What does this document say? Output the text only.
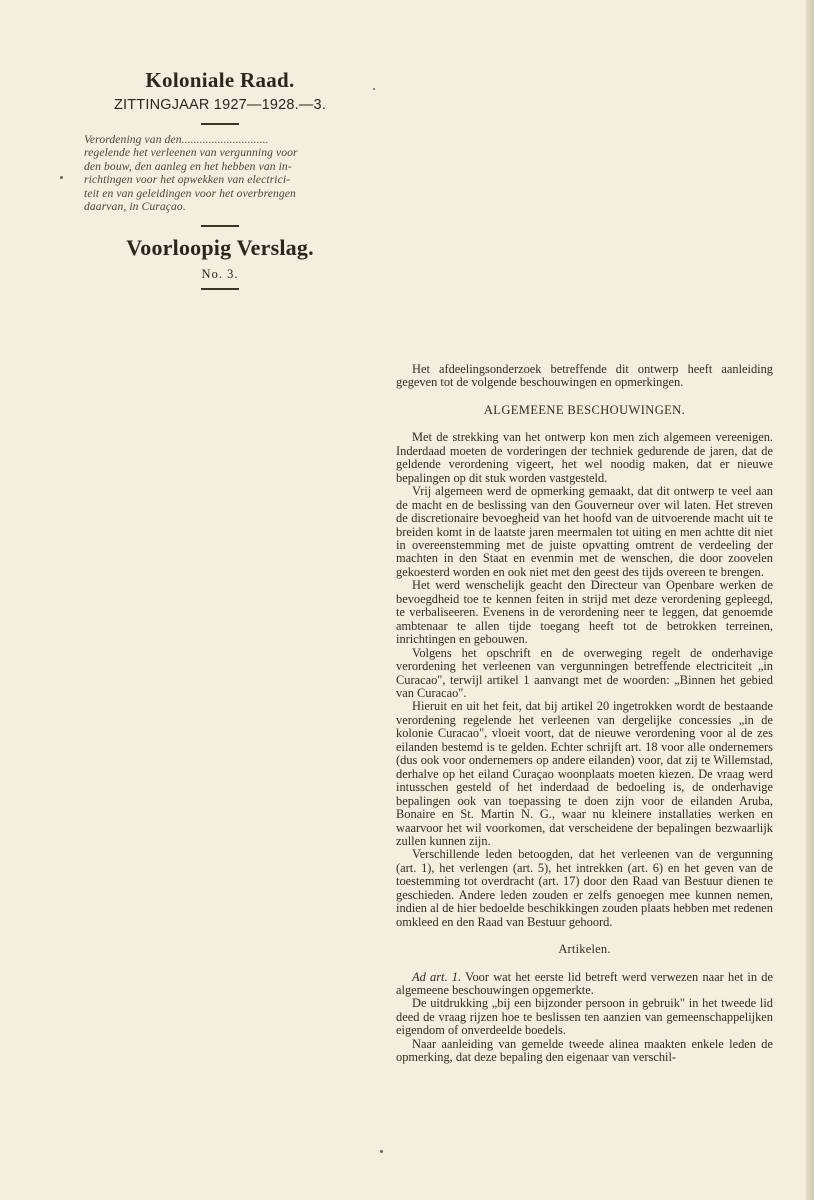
Koloniale Raad.
ZITTINGJAAR 1927—1928.—3.
Verordening van den.............................
regelende het verleenen van vergunning voor
den bouw, den aanleg en het hebben van in-
richtingen voor het opwekken van electrici-
teit en van geleidingen voor het overbrengen
daarvan, in Curaçao.
Voorloopig Verslag.
No. 3.

Het afdeelingsonderzoek betreffende dit ontwerp heeft aanleiding gegeven tot de volgende beschouwingen en opmerkingen.

ALGEMEENE BESCHOUWINGEN.

Met de strekking van het ontwerp kon men zich algemeen vereenigen. Inderdaad moeten de vorderingen der techniek gedurende de jaren, dat de geldende verordening vigeert, het wel noodig maken, dat er nieuwe bepalingen op dit stuk worden vastgesteld.

Vrij algemeen werd de opmerking gemaakt, dat dit ontwerp te veel aan de macht en de beslissing van den Gouverneur over wil laten. Het streven de discretionaire bevoegheid van het hoofd van de uitvoerende macht uit te breiden komt in de laatste jaren meermalen tot uiting en men achtte dit niet in overeenstemming met de juiste opvatting omtrent de verdeeling der machten in den Staat en evenmin met de wenschen, die door zoovelen gekoesterd worden en ook niet met den geest des tijds overeen te brengen.

Het werd wenschelijk geacht den Directeur van Openbare werken de bevoegdheid toe te kennen feiten in strijd met deze verordening gepleegd, te verbaliseeren. Evenens in de verordening neer te leggen, dat genoemde ambtenaar te allen tijde toegang heeft tot de betrokken terreinen, inrichtingen en gebouwen.

Volgens het opschrift en de overweging regelt de onderhavige verordening het verleenen van vergunningen betreffende electriciteit „in Curacao", terwijl artikel 1 aanvangt met de woorden: „Binnen het gebied van Curacao".

Hieruit en uit het feit, dat bij artikel 20 ingetrokken wordt de bestaande verordening regelende het verleenen van dergelijke concessies „in de kolonie Curacao", vloeit voort, dat de nieuwe verordening voor al de zes eilanden bestemd is te gelden. Echter schrijft art. 18 voor alle ondernemers (dus ook voor ondernemers op andere eilanden) voor, dat zij te Willemstad, derhalve op het eiland Curaçao woonplaats moeten kiezen. De vraag werd intusschen gesteld of het inderdaad de bedoeling is, de onderhavige bepalingen ook van toepassing te doen zijn voor de eilanden Aruba, Bonaire en St. Martin N. G., waar nu kleinere installaties werken en waarvoor het wil voorkomen, dat verscheidene der bepalingen bezwaarlijk zullen kunnen zijn.

Verschillende leden betoogden, dat het verleenen van de vergunning (art. 1), het verlengen (art. 5), het intrekken (art. 6) en het geven van de toestemming tot overdracht (art. 17) door den Raad van Bestuur dienen te geschieden. Andere leden zouden er zelfs genoegen mee kunnen nemen, indien al de hier bedoelde beschikkingen zouden plaats hebben met redenen omkleed en den Raad van Bestuur gehoord.

Artikelen.

Ad art. 1. Voor wat het eerste lid betreft werd verwezen naar het in de algemeene beschouwingen opgemerkte.

De uitdrukking „bij een bijzonder persoon in gebruik" in het tweede lid deed de vraag rijzen hoe te beslissen ten aanzien van gemeenschappelijken eigendom of onverdeelde boedels.

Naar aanleiding van gemelde tweede alinea maakten enkele leden de opmerking, dat deze bepaling den eigenaar van verschil-
